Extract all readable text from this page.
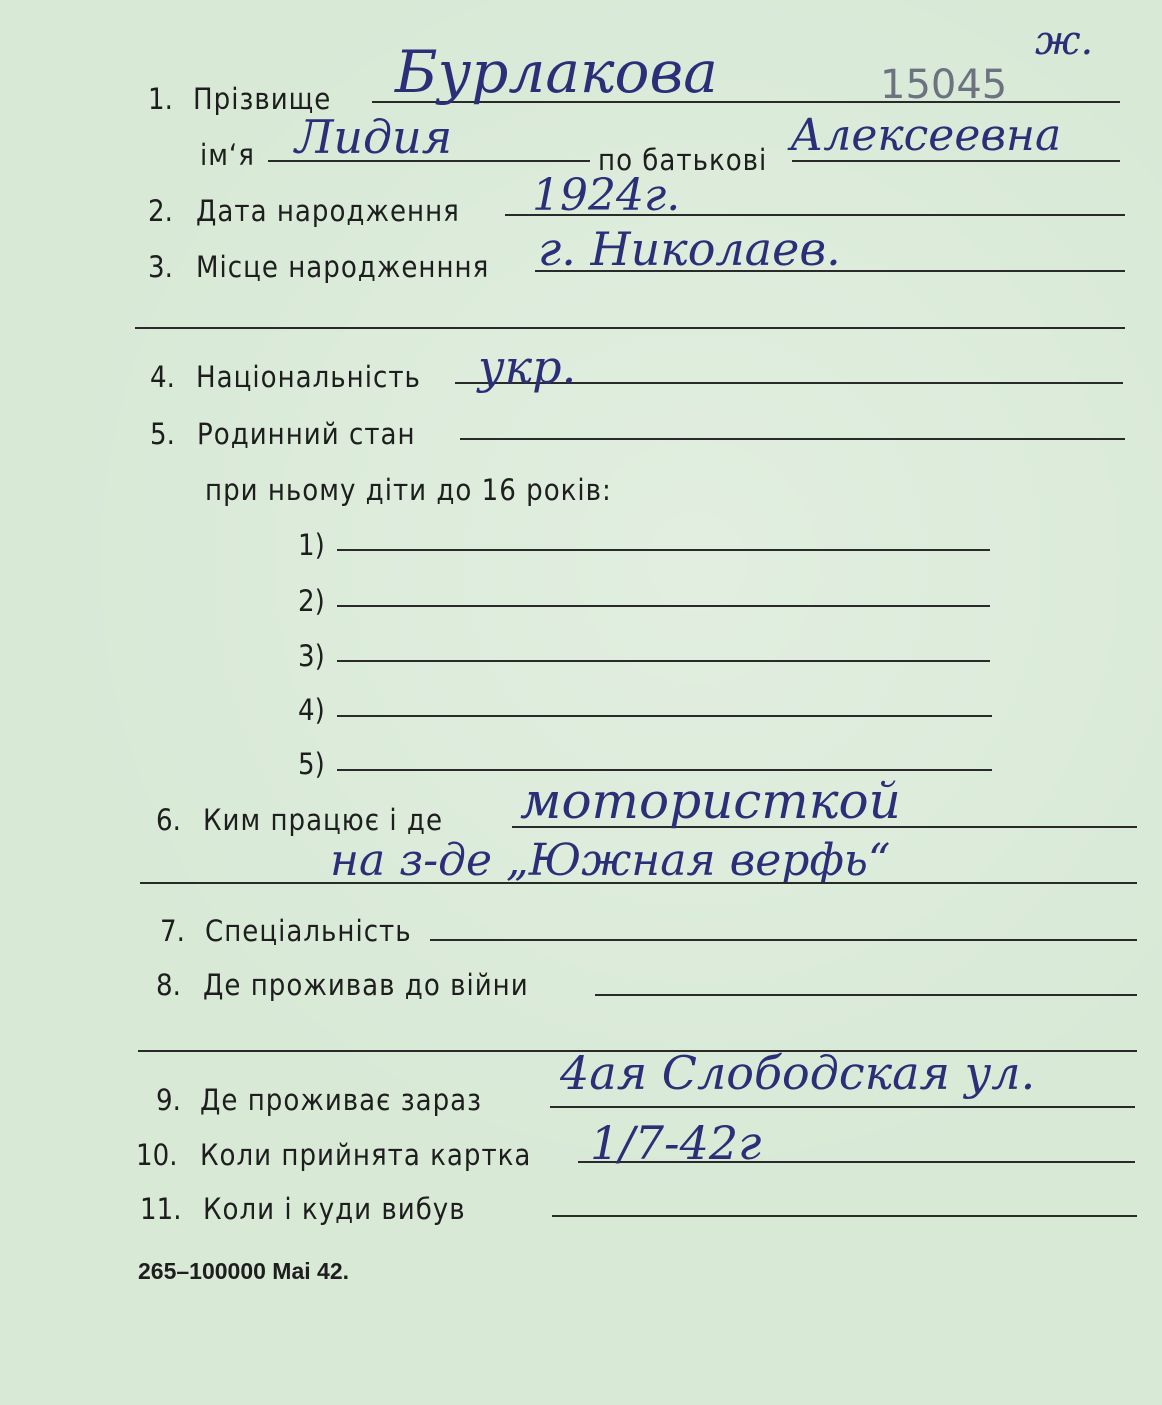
ж.
15045
1. Прізвище Бурлакова
ім‘я Лидия	по батькові Алексеевна
2. Дата народження 1924г.
3. Місце народженння г. Николаев.
4. Національність укр.
5. Родинний стан
при ньому діти до 16 років:
1)
2)
3)
4)
5)
6. Ким працює і де мотористкой
на з-де „Южная верфь“
7. Спеціальність
8. Де проживав до війни
9. Де проживає зараз 4ая Слободская ул.
10. Коли прийнята картка 1/7-42г
11. Коли і куди вибув
265–100000 Mai 42.
